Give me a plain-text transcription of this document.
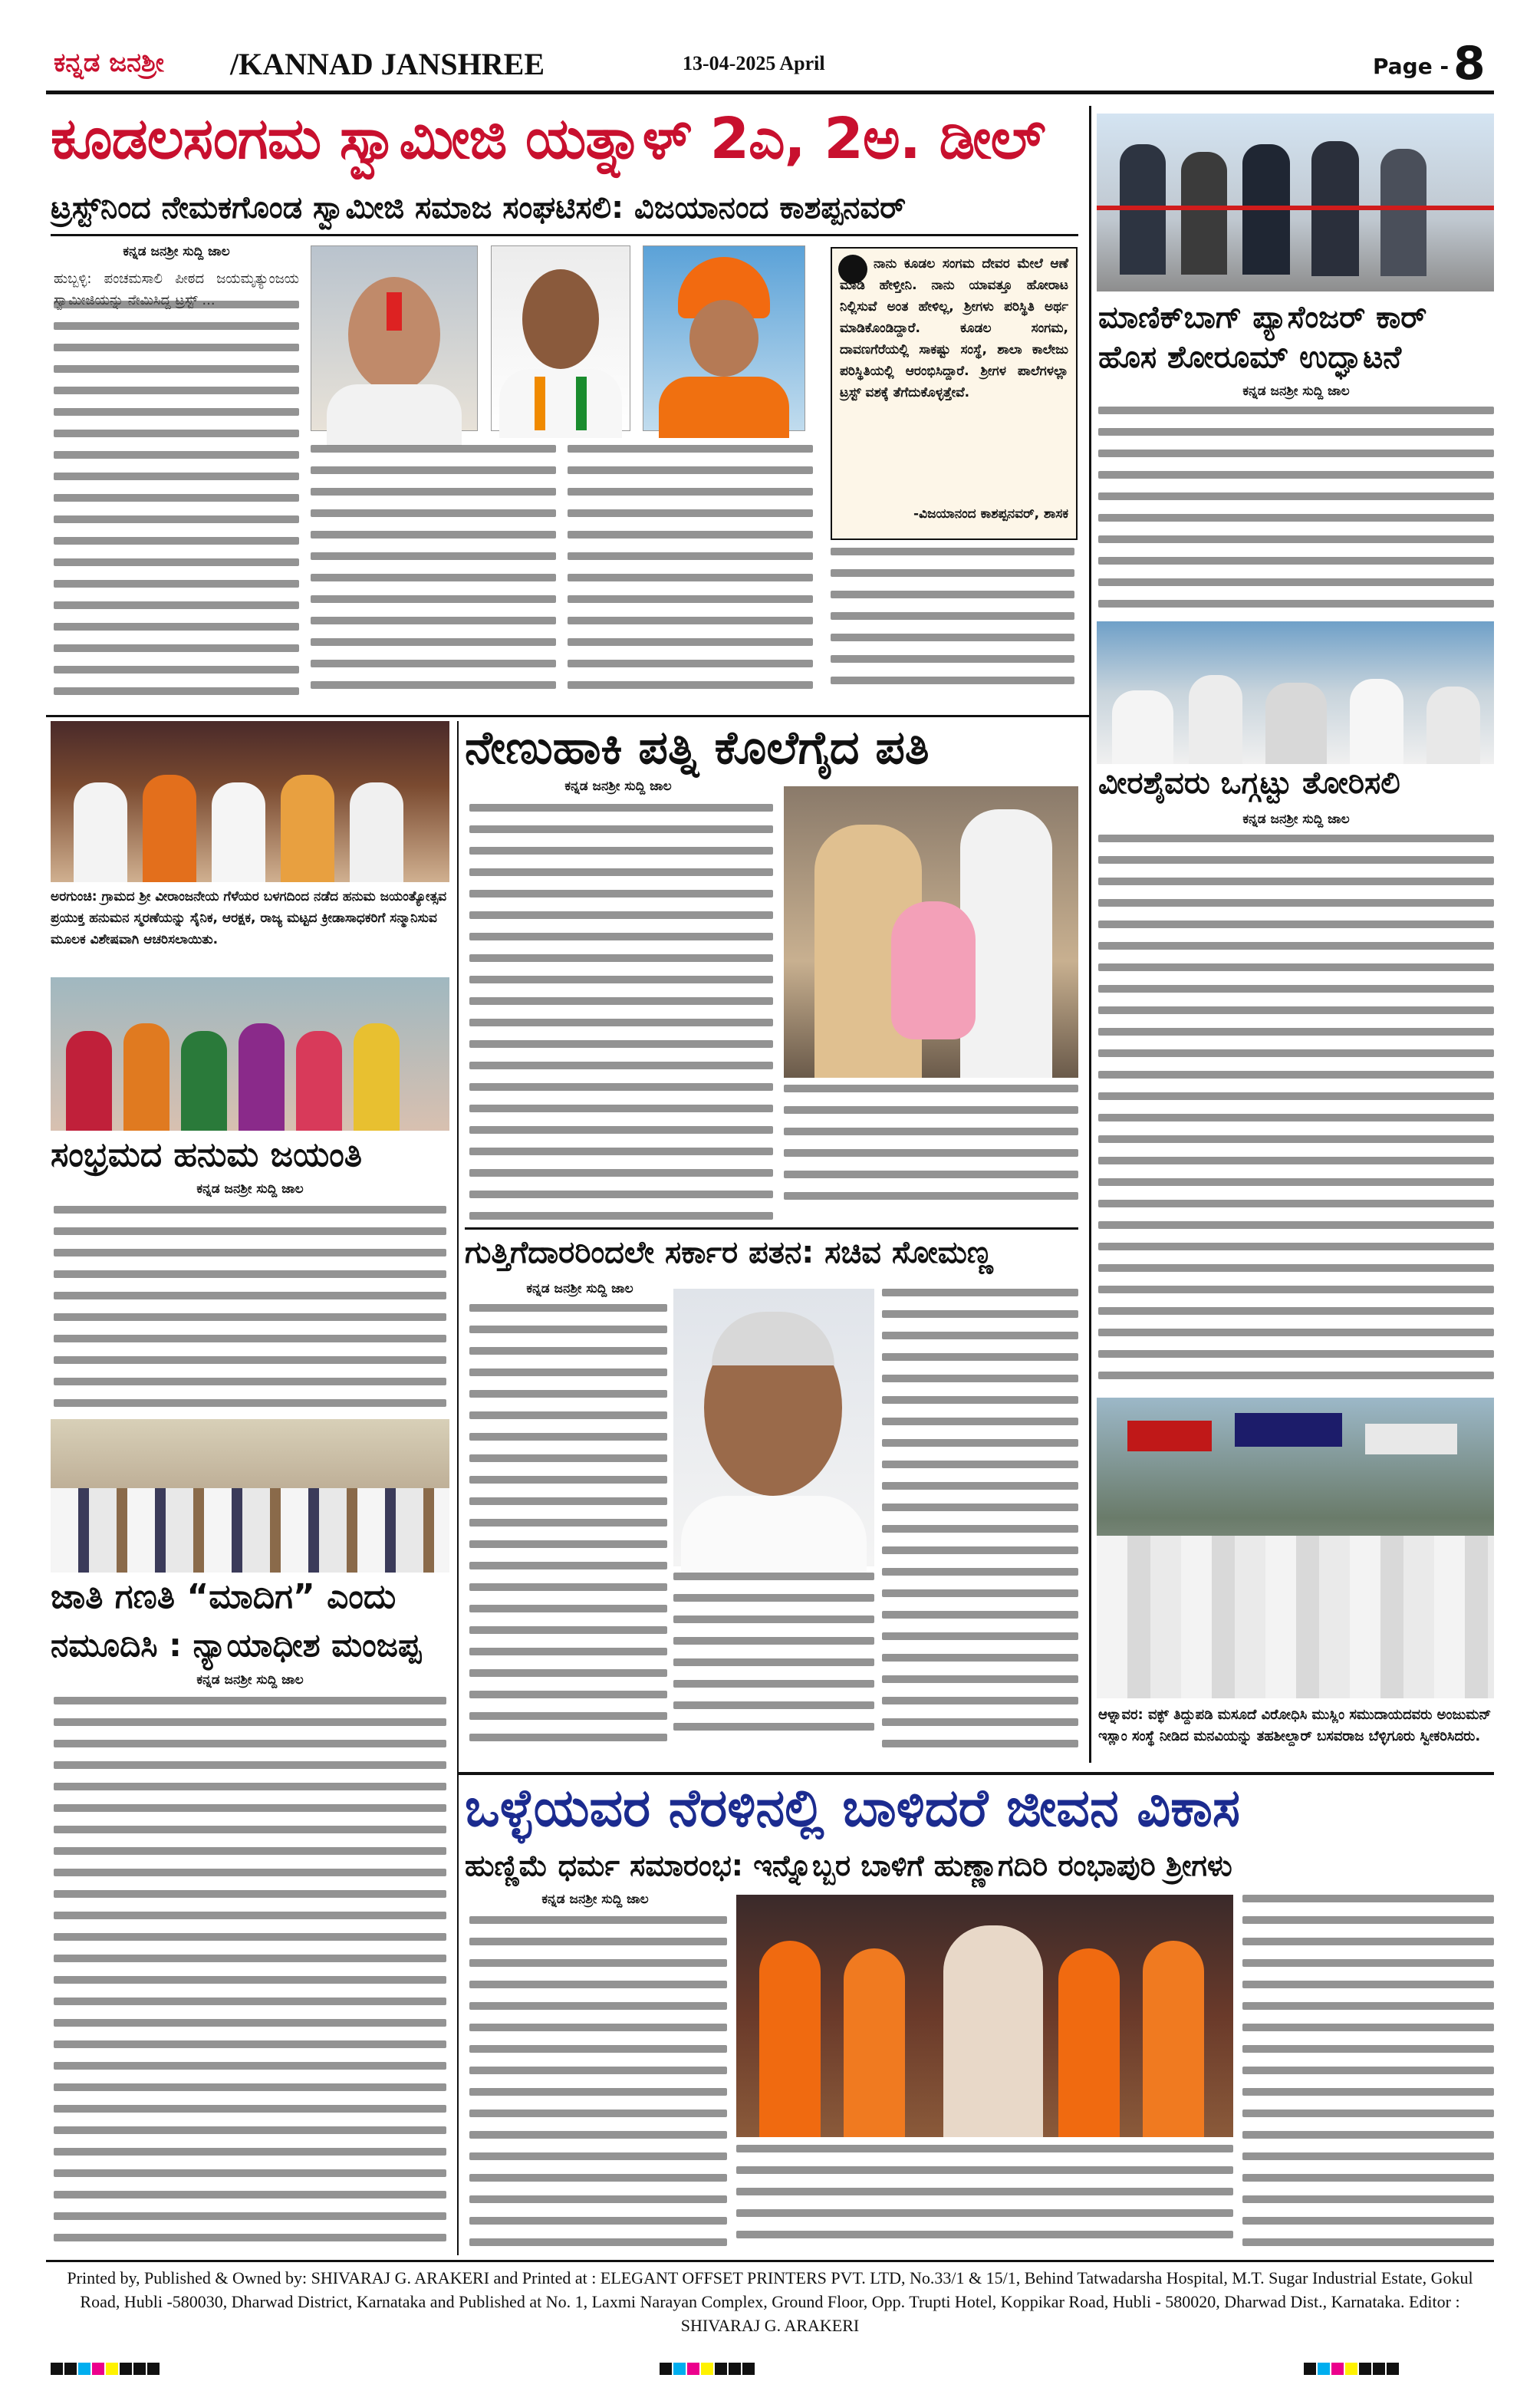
ಕನ್ನಡ ಜನಶ್ರೀ /KANNAD JANSHREE	13-04-2025 April	Page - 8
ಕೂಡಲಸಂಗಮ ಸ್ವಾಮೀಜಿ ಯತ್ನಾಳ್ 2ಎ, 2ಅ. ಡೀಲ್
ಟ್ರಸ್ಟ್‌ನಿಂದ ನೇಮಕಗೊಂಡ ಸ್ವಾಮೀಜಿ ಸಮಾಜ ಸಂಘಟಿಸಲಿ: ವಿಜಯಾನಂದ ಕಾಶಪ್ಪನವರ್
ಕನ್ನಡ ಜನಶ್ರೀ ಸುದ್ದಿ ಜಾಲ
ನಾನು ಕೂಡಲ ಸಂಗಮ ದೇವರ ಮೇಲೆ ಆಣೆ ಮಾಡಿ ಹೇಳ್ತೀನಿ. ನಾನು ಯಾವತ್ತೂ ಹೋರಾಟ ನಿಲ್ಲಿಸುವೆ ಅಂತ ಹೇಳಿಲ್ಲ, ಶ್ರೀಗಳು ಪರಿಸ್ಥಿತಿ ಅರ್ಥ ಮಾಡಿಕೊಂಡಿದ್ದಾರೆ. ಕೂಡಲ ಸಂಗಮ, ದಾವಣಗೆರೆಯಲ್ಲಿ ಸಾಕಷ್ಟು ಸಂಸ್ಥೆ, ಶಾಲಾ ಕಾಲೇಜು ಪರಿಸ್ಥಿತಿಯಲ್ಲಿ ಆರಂಭಿಸಿದ್ದಾರೆ. ಶ್ರೀಗಳ ಪಾಲೆಗಳಲ್ಲಾ ಟ್ರಸ್ಟ್ ವಶಕ್ಕೆ ತೆಗೆದುಕೊಳ್ಳತ್ತೇವೆ.
-ವಿಜಯಾನಂದ ಕಾಶಪ್ಪನವರ್, ಶಾಸಕ
ಹುಬ್ಬಳ್ಳಿ: ಪಂಚಮಸಾಲಿ ಪೀಠದ ಜಯಮೃತ್ಯುಂಜಯ
ಮಾಣಿಕ್‌ಬಾಗ್ ಪ್ಯಾಸೆಂಜರ್ ಕಾರ್ ಹೊಸ ಶೋರೂಮ್ ಉದ್ಘಾಟನೆ
ಕನ್ನಡ ಜನಶ್ರೀ ಸುದ್ದಿ ಜಾಲ
ವೀರಶೈವರು ಒಗ್ಗಟ್ಟು ತೋರಿಸಲಿ
ಕನ್ನಡ ಜನಶ್ರೀ ಸುದ್ದಿ ಜಾಲ
ಆಳ್ನಾವರ: ವಕ್ಫ್ ತಿದ್ದುಪಡಿ ಮಸೂದೆ ವಿರೋಧಿಸಿ ಮುಸ್ಲಿಂ ಸಮುದಾಯದವರು ಅಂಜುಮನ್ ಇಸ್ಲಾಂ ಸಂಸ್ಥೆ ನೀಡಿದ ಮನವಿಯನ್ನು ತಹಶೀಲ್ದಾರ್ ಬಸವರಾಜ ಬೆಳ್ಳಿಗೂರು ಸ್ವೀಕರಿಸಿದರು.
ಅರಗುಂಚಿ: ಗ್ರಾಮದ ಶ್ರೀ ವೀರಾಂಜನೇಯ ಗೆಳೆಯರ ಬಳಗದಿಂದ ನಡೆದ ಹನುಮ ಜಯಂತ್ಯೋತ್ಸವ ಪ್ರಯುಕ್ತ ಹನುಮನ ಸ್ಮರಣೆಯನ್ನು ಸೈನಿಕ, ಆರಕ್ಷಕ, ರಾಜ್ಯ ಮಟ್ಟದ ಕ್ರೀಡಾಸಾಧಕರಿಗೆ ಸನ್ಮಾನಿಸುವ ಮೂಲಕ ವಿಶೇಷವಾಗಿ ಆಚರಿಸಲಾಯಿತು.
ಸಂಭ್ರಮದ ಹನುಮ ಜಯಂತಿ
ಕನ್ನಡ ಜನಶ್ರೀ ಸುದ್ದಿ ಜಾಲ
ಜಾತಿ ಗಣತಿ “ಮಾದಿಗ” ಎಂದು
ನಮೂದಿಸಿ : ನ್ಯಾಯಾಧೀಶ ಮಂಜಪ್ಪ
ಕನ್ನಡ ಜನಶ್ರೀ ಸುದ್ದಿ ಜಾಲ
ನೇಣುಹಾಕಿ ಪತ್ನಿ ಕೊಲೆಗೈದ ಪತಿ
ಕನ್ನಡ ಜನಶ್ರೀ ಸುದ್ದಿ ಜಾಲ
ಗುತ್ತಿಗೆದಾರರಿಂದಲೇ ಸರ್ಕಾರ ಪತನ: ಸಚಿವ ಸೋಮಣ್ಣ
ಕನ್ನಡ ಜನಶ್ರೀ ಸುದ್ದಿ ಜಾಲ
ಒಳ್ಳೆಯವರ ನೆರಳಿನಲ್ಲಿ ಬಾಳಿದರೆ ಜೀವನ ವಿಕಾಸ
ಹುಣ್ಣಿಮೆ ಧರ್ಮ ಸಮಾರಂಭ: ಇನ್ನೊಬ್ಬರ ಬಾಳಿಗೆ ಹುಣ್ಣಾಗದಿರಿ ರಂಭಾಪುರಿ ಶ್ರೀಗಳು
ಕನ್ನಡ ಜನಶ್ರೀ ಸುದ್ದಿ ಜಾಲ
Printed by, Published & Owned by: SHIVARAJ G. ARAKERI and Printed at : ELEGANT OFFSET PRINTERS PVT. LTD, No.33/1 & 15/1, Behind Tatwadarsha Hospital, M.T. Sugar Industrial Estate, Gokul Road, Hubli -580030, Dharwad District, Karnataka and Published at No. 1, Laxmi Narayan Complex, Ground Floor, Opp. Trupti Hotel, Koppikar Road, Hubli - 580020, Dharwad Dist., Karnataka. Editor : SHIVARAJ G. ARAKERI
